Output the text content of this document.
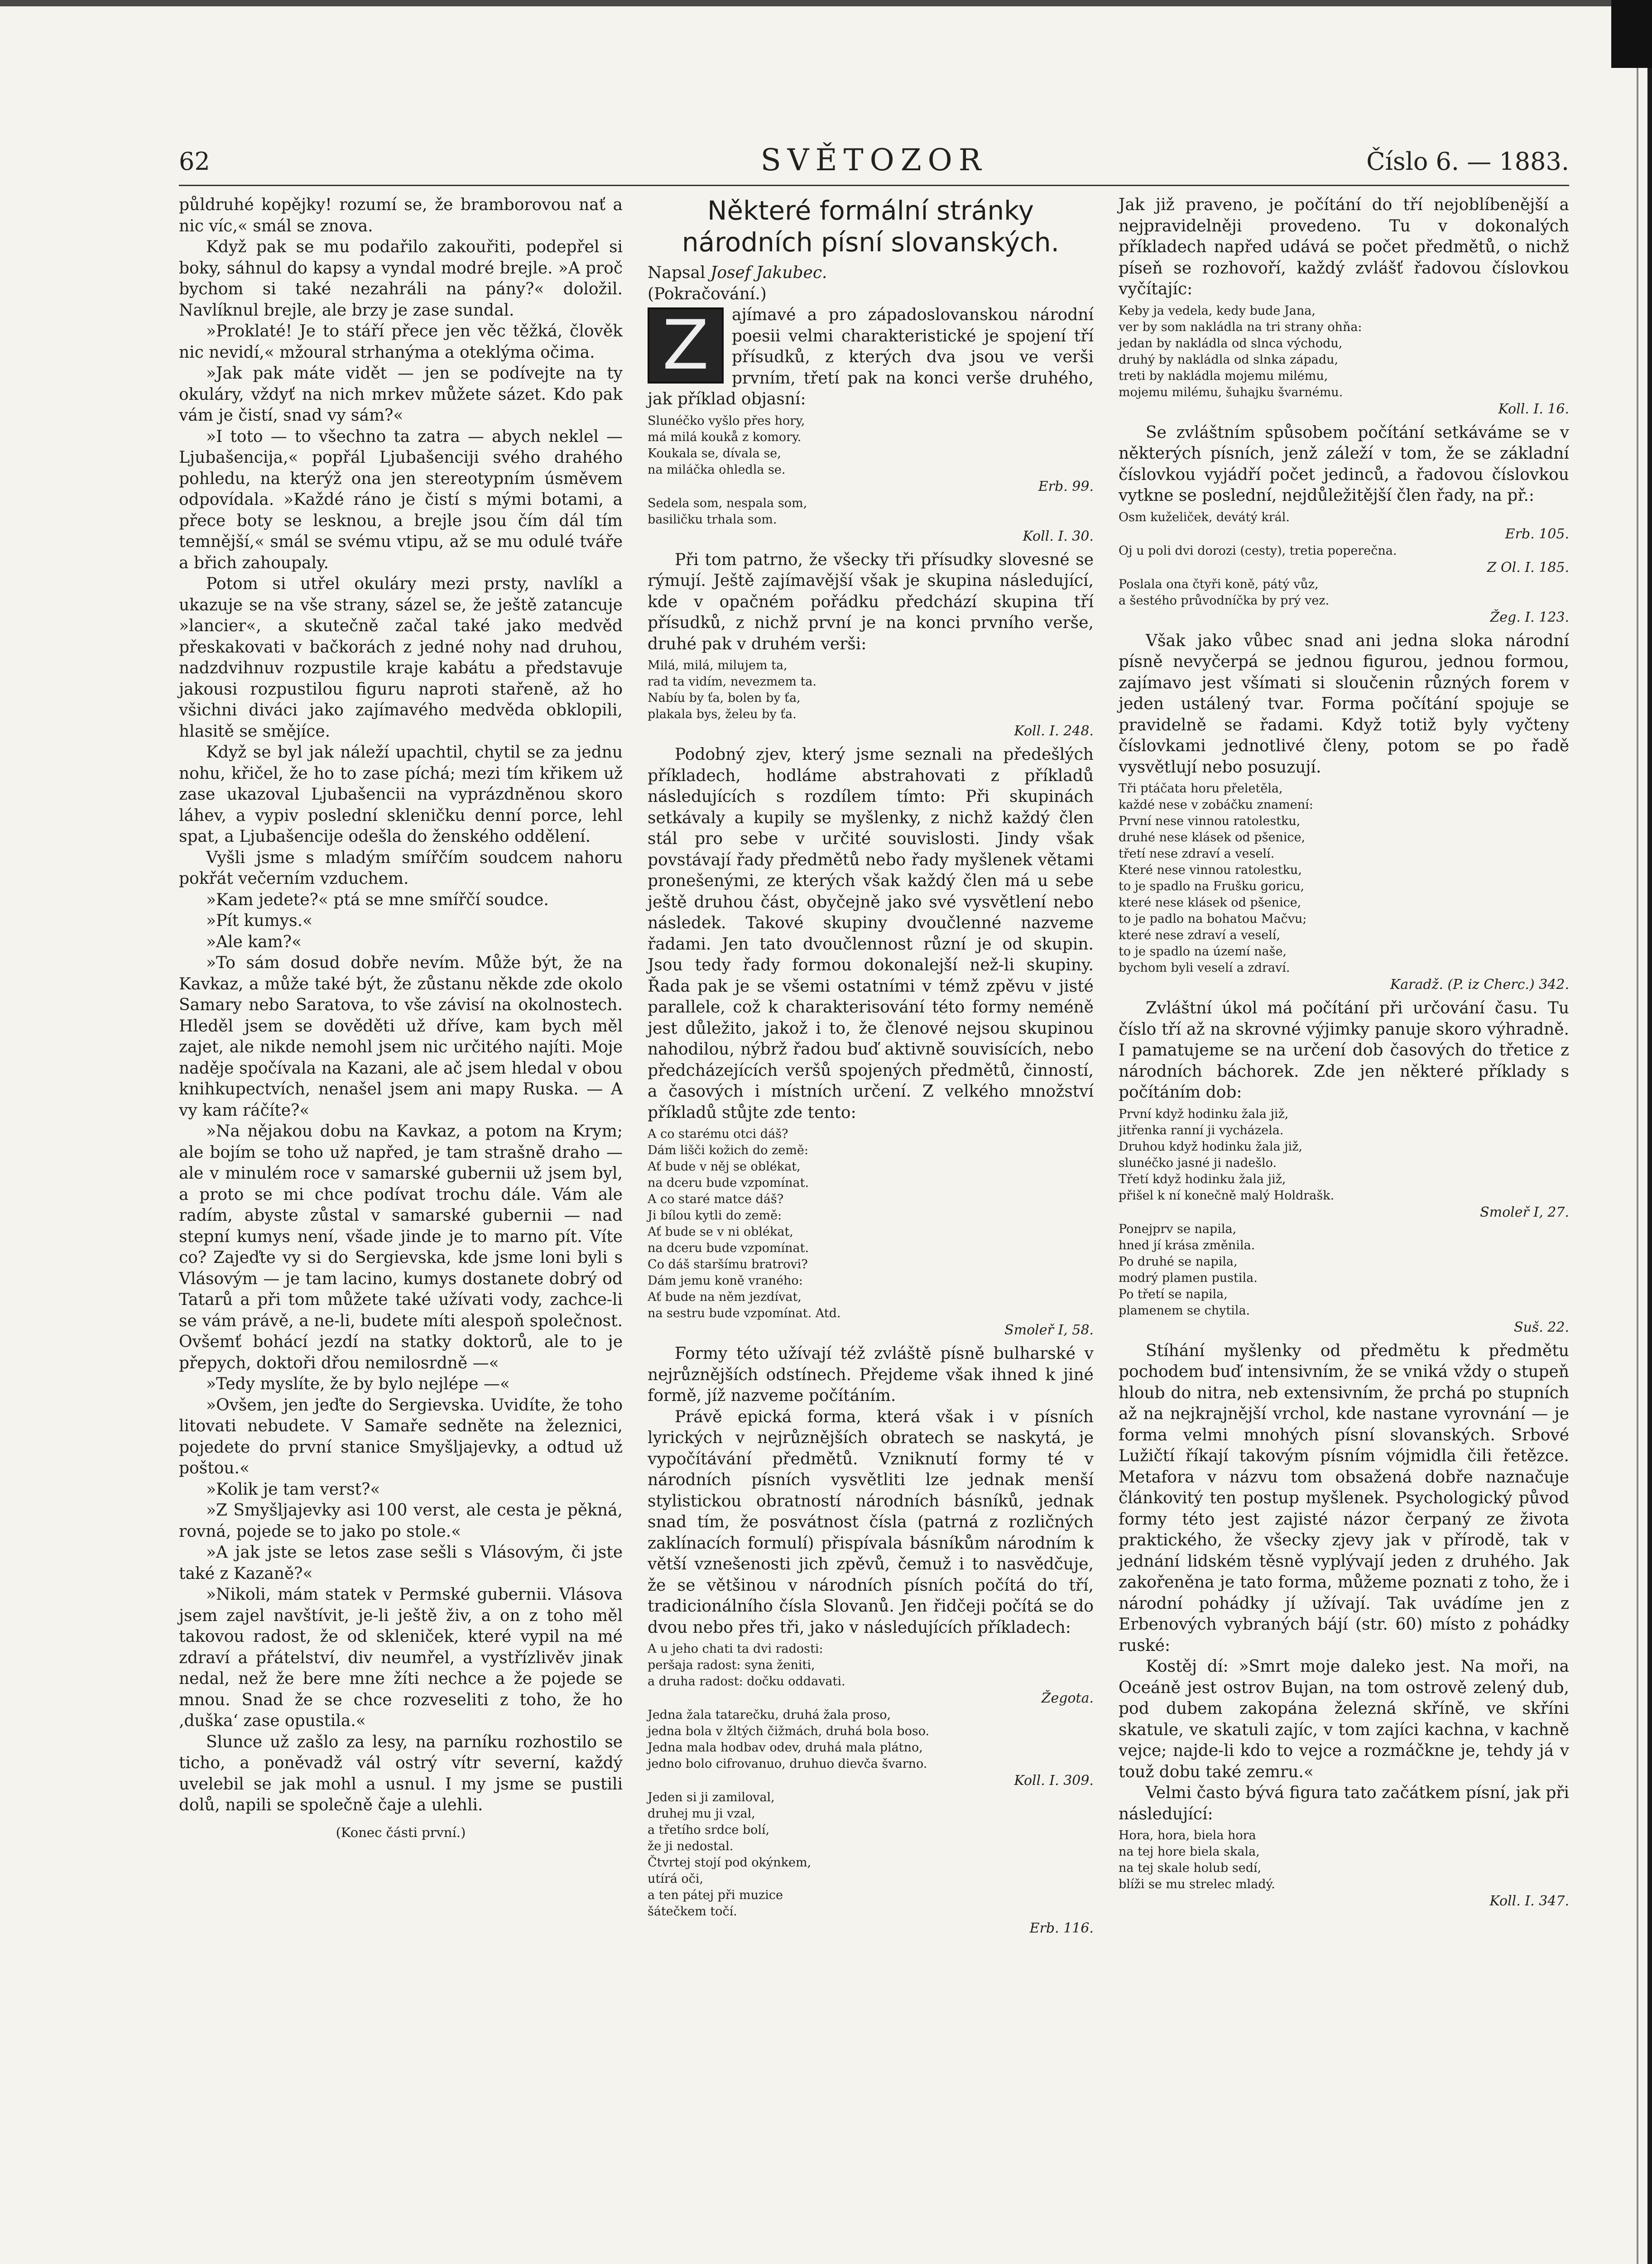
62	SVĚTOZOR	Číslo 6. — 1883.

půldruhé kopějky! rozumí se, že bramborovou nať a nic víc,« smál se znova.

Když pak se mu podařilo zakouřiti, podepřel si boky, sáhnul do kapsy a vyndal modré brejle. »A proč bychom si také nezahráli na pány?« doložil. Navlíknul brejle, ale brzy je zase sundal.

»Proklaté! Je to stáří přece jen věc těžká, člověk nic nevidí,« mžoural strhanýma a oteklýma očima.

»Jak pak máte vidět — jen se podívejte na ty okuláry, vždyť na nich mrkev můžete sázet. Kdo pak vám je čistí, snad vy sám?«

»I toto — to všechno ta zatra — abych neklel — Ljubašencija,« popřál Ljubašenciji svého drahého pohledu, na kterýž ona jen stereotypním úsměvem odpovídala. »Každé ráno je čistí s mými botami, a přece boty se lesknou, a brejle jsou čím dál tím temnější,« smál se svému vtipu, až se mu odulé tváře a břich zahoupaly.

Potom si utřel okuláry mezi prsty, navlíkl a ukazuje se na vše strany, sázel se, že ještě zatancuje »lancier«, a skutečně začal také jako medvěd přeskakovati v bačkorách z jedné nohy nad druhou, nadzdvihnuv rozpustile kraje kabátu a představuje jakousi rozpustilou figuru naproti stařeně, až ho všichni diváci jako zajímavého medvěda obklopili, hlasitě se smějíce.

Když se byl jak náleží upachtil, chytil se za jednu nohu, křičel, že ho to zase píchá; mezi tím křikem už zase ukazoval Ljubašencii na vyprázdněnou skoro láhev, a vypiv poslední skleničku denní porce, lehl spat, a Ljubašencije odešla do ženského oddělení.

Vyšli jsme s mladým smířčím soudcem nahoru pokřát večerním vzduchem.

»Kam jedete?« ptá se mne smířčí soudce.

»Pít kumys.«

»Ale kam?«

»To sám dosud dobře nevím. Může být, že na Kavkaz, a může také být, že zůstanu někde zde okolo Samary nebo Saratova, to vše závisí na okolnostech. Hleděl jsem se dověděti už dříve, kam bych měl zajet, ale nikde nemohl jsem nic určitého najíti. Moje naděje spočívala na Kazani, ale ač jsem hledal v obou knihkupectvích, nenašel jsem ani mapy Ruska. — A vy kam ráčíte?«

»Na nějakou dobu na Kavkaz, a potom na Krym; ale bojím se toho už napřed, je tam strašně draho — ale v minulém roce v samarské gubernii už jsem byl, a proto se mi chce podívat trochu dále. Vám ale radím, abyste zůstal v samarské gubernii — nad stepní kumys není, všade jinde je to marno pít. Víte co? Zajeďte vy si do Sergievska, kde jsme loni byli s Vlásovým — je tam lacino, kumys dostanete dobrý od Tatarů a při tom můžete také užívati vody, zachce-li se vám právě, a ne-li, budete míti alespoň společnost. Ovšemť bohácí jezdí na statky doktorů, ale to je přepych, doktoři dřou nemilosrdně —«

»Tedy myslíte, že by bylo nejlépe —«

»Ovšem, jen jeďte do Sergievska. Uvidíte, že toho litovati nebudete. V Samaře sedněte na železnici, pojedete do první stanice Smyšljajevky, a odtud už poštou.«

»Kolik je tam verst?«

»Z Smyšljajevky asi 100 verst, ale cesta je pěkná, rovná, pojede se to jako po stole.«

»A jak jste se letos zase sešli s Vlásovým, či jste také z Kazaně?«

»Nikoli, mám statek v Permské gubernii. Vlásova jsem zajel navštívit, je-li ještě živ, a on z toho měl takovou radost, že od skleniček, které vypil na mé zdraví a přátelství, div neumřel, a vystřízlivěv jinak nedal, než že bere mne žíti nechce a že pojede se mnou. Snad že se chce rozveseliti z toho, že ho ‚duška‘ zase opustila.«

Slunce už zašlo za lesy, na parníku rozhostilo se ticho, a poněvadž vál ostrý vítr severní, každý uvelebil se jak mohl a usnul. I my jsme se pustili dolů, napili se společně čaje a ulehli.

(Konec části první.)
Některé formální stránky národních písní slovanských.

Napsal Josef Jakubec.

(Pokračování.)

Z	ajímavé a pro západoslovanskou národní poesii velmi charakteristické je spojení tří přísudků, z kterých dva jsou ve verši prvním, třetí pak na konci verše druhého, jak příklad objasní:

Slunéčko vyšlo přes hory,
má milá koukå z komory.
Koukala se, dívala se,
na miláčka ohledla se.
Erb. 99.
Sedela som, nespala som,
basiličku trhala som.
Koll. I. 30.

Při tom patrno, že všecky tři přísudky slovesné se rýmují. Ještě zajímavější však je skupina následující, kde v opačném pořádku předchází skupina tří přísudků, z nichž první je na konci prvního verše, druhé pak v druhém verši:

Milá, milá, milujem ta,
rad ta vidím, nevezmem ta.
Nabíu by ťa, bolen by ťa,
plakala bys, želeu by ťa.
Koll. I. 248.

Podobný zjev, který jsme seznali na předešlých příkladech, hodláme abstrahovati z příkladů následujících s rozdílem tímto: Při skupinách setkávaly a kupily se myšlenky, z nichž každý člen stál pro sebe v určité souvislosti. Jindy však povstávají řady předmětů nebo řady myšlenek větami pronešenými, ze kterých však každý člen má u sebe ještě druhou část, obyčejně jako své vysvětlení nebo následek. Takové skupiny dvoučlenné nazveme řadami. Jen tato dvoučlennost různí je od skupin. Jsou tedy řady formou dokonalejší než-li skupiny. Řada pak je se všemi ostatními v témž zpěvu v jisté parallele, což k charakterisování této formy neméně jest důležito, jakož i to, že členové nejsou skupinou nahodilou, nýbrž řadou buď aktivně souvisících, nebo předcházejících veršů spojených předmětů, činností, a časových i místních určení. Z velkého množství příkladů stůjte zde tento:

A co starému otci dáš?
Dám lišči kožich do země:
Ať bude v něj se oblékat,
na dceru bude vzpomínat.
A co staré matce dáš?
Ji bílou kytli do země:
Ať bude se v ni oblékat,
na dceru bude vzpomínat.
Co dáš staršímu bratrovi?
Dám jemu koně vraného:
Ať bude na něm jezdívat,
na sestru bude vzpomínat. Atd.
Smoleř I, 58.

Formy této užívají též zvláště písně bulharské v nejrůznějších odstínech. Přejdeme však ihned k jiné formě, jíž nazveme počítáním.

Právě epická forma, která však i v písních lyrických v nejrůznějších obratech se naskytá, je vypočítávání předmětů. Vzniknutí formy té v národních písních vysvětliti lze jednak menší stylistickou obratností národních básníků, jednak snad tím, že posvátnost čísla (patrná z rozličných zaklínacích formulí) přispívala básníkům národním k větší vznešenosti jich zpěvů, čemuž i to nasvědčuje, že se většinou v národních písních počítá do tří, tradicionálního čísla Slovanů. Jen řidčeji počítá se do dvou nebo přes tři, jako v následujících příkladech:

A u jeho chati ta dvi radosti:
peršaja radost: syna ženiti,
a druha radost: dočku oddavati.
Žegota.
Jedna žala tatarečku, druhá žala proso,
jedna bola v žltých čižmách, druhá bola boso.
Jedna mala hodbav odev, druhá mala plátno,
jedno bolo cifrovanuo, druhuo dievča švarno.
Koll. I. 309.
Jeden si ji zamiloval,
druhej mu ji vzal,
a třetího srdce bolí,
že ji nedostal.
Čtvrtej stojí pod okýnkem,
utírá oči,
a ten pátej při muzice
šátečkem točí.
Erb. 116.

Jak již praveno, je počítání do tří nejoblíbenější a nejpravidelněji provedeno. Tu v dokonalých příkladech napřed udává se počet předmětů, o nichž píseň se rozhovoří, každý zvlášť řadovou číslovkou vyčítajíc:

Keby ja vedela, kedy bude Jana,
ver by som nakládla na tri strany ohňa:
jedan by nakládla od slnca východu,
druhý by nakládla od slnka západu,
treti by nakládla mojemu milému,
mojemu milému, šuhajku švarnému.
Koll. I. 16.

Se zvláštním spůsobem počítání setkáváme se v některých písních, jenž záleží v tom, že se základní číslovkou vyjádří počet jedinců, a řadovou číslovkou vytkne se poslední, nejdůležitější člen řady, na př.:

Osm kuželiček, devátý král.
Erb. 105.
Oj u poli dvi dorozi (cesty), tretia poperečna.
Z Ol. I. 185.
Poslala ona čtyři koně, pátý vůz,
a šestého průvodníčka by prý vez.
Žeg. I. 123.

Však jako vůbec snad ani jedna sloka národní písně nevyčerpá se jednou figurou, jednou formou, zajímavo jest všímati si sloučenin různých forem v jeden ustálený tvar. Forma počítání spojuje se pravidelně se řadami. Když totiž byly vyčteny číslovkami jednotlivé členy, potom se po řadě vysvětlují nebo posuzují.

Tři ptáčata horu přeletěla,
každé nese v zobáčku znamení:
První nese vinnou ratolestku,
druhé nese klásek od pšenice,
třetí nese zdraví a veselí.
Které nese vinnou ratolestku,
to je spadlo na Frušku goricu,
které nese klásek od pšenice,
to je padlo na bohatou Mačvu;
které nese zdraví a veselí,
to je spadlo na území naše,
bychom byli veselí a zdraví.
Karadž. (P. iz Cherc.) 342.

Zvláštní úkol má počítání při určování času. Tu číslo tří až na skrovné výjimky panuje skoro výhradně. I pamatujeme se na určení dob časových do třetice z národních báchorek. Zde jen některé příklady s počítáním dob:

První když hodinku žala již,
jitřenka ranní ji vycházela.
Druhou když hodinku žala již,
slunéčko jasné ji nadešlo.
Třetí když hodinku žala již,
přišel k ní konečně malý Holdrašk.
Smoleř I, 27.
Ponejprv se napila,
hned jí krása změnila.
Po druhé se napila,
modrý plamen pustila.
Po třetí se napila,
plamenem se chytila.
Suš. 22.

Stíhání myšlenky od předmětu k předmětu pochodem buď intensivním, že se vniká vždy o stupeň hloub do nitra, neb extensivním, že prchá po stupních až na nejkrajnější vrchol, kde nastane vyrovnání — je forma velmi mnohých písní slovanských. Srbové Lužičtí říkají takovým písním vójmidla čili řetězce. Metafora v názvu tom obsažená dobře naznačuje článkovitý ten postup myšlenek. Psychologický původ formy této jest zajisté názor čerpaný ze života praktického, že všecky zjevy jak v přírodě, tak v jednání lidském těsně vyplývají jeden z druhého. Jak zakořeněna je tato forma, můžeme poznati z toho, že i národní pohádky jí užívají. Tak uvádíme jen z Erbenových vybraných bájí (str. 60) místo z pohádky ruské:

Kostěj dí: »Smrt moje daleko jest. Na moři, na Oceáně jest ostrov Bujan, na tom ostrově zelený dub, pod dubem zakopána železná skříně, ve skříni skatule, ve skatuli zajíc, v tom zajíci kachna, v kachně vejce; najde-li kdo to vejce a rozmáčkne je, tehdy já v touž dobu také zemru.«

Velmi často bývá figura tato začátkem písní, jak při následující:

Hora, hora, biela hora
na tej hore biela skala,
na tej skale holub sedí,
blíži se mu strelec mladý.
Koll. I. 347.
